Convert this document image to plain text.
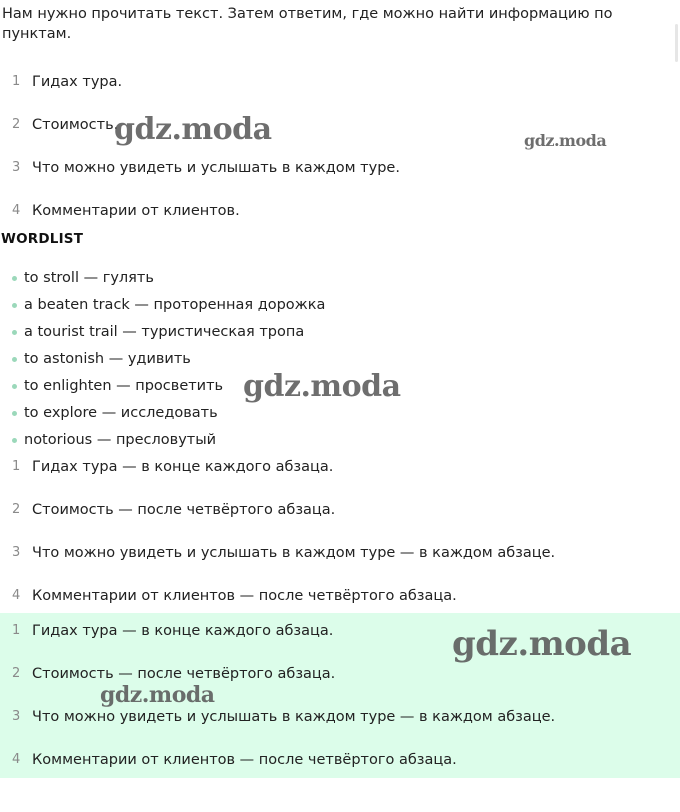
Нам нужно прочитать текст. Затем ответим, где можно найти информацию по пунктам.
1 Гидах тура.
2 Стоимость.
3 Что можно увидеть и услышать в каждом туре.
4 Комментарии от клиентов.
WORDLIST
to stroll — гулять
a beaten track — проторенная дорожка
a tourist trail — туристическая тропа
to astonish — удивить
to enlighten — просветить
to explore — исследовать
notorious — пресловутый
1 Гидах тура — в конце каждого абзаца.
2 Стоимость — после четвёртого абзаца.
3 Что можно увидеть и услышать в каждом туре — в каждом абзаце.
4 Комментарии от клиентов — после четвёртого абзаца.
1 Гидах тура — в конце каждого абзаца.
2 Стоимость — после четвёртого абзаца.
3 Что можно увидеть и услышать в каждом туре — в каждом абзаце.
4 Комментарии от клиентов — после четвёртого абзаца.
gdz.moda	gdz.moda
gdz.moda
gdz.moda
gdz.moda
